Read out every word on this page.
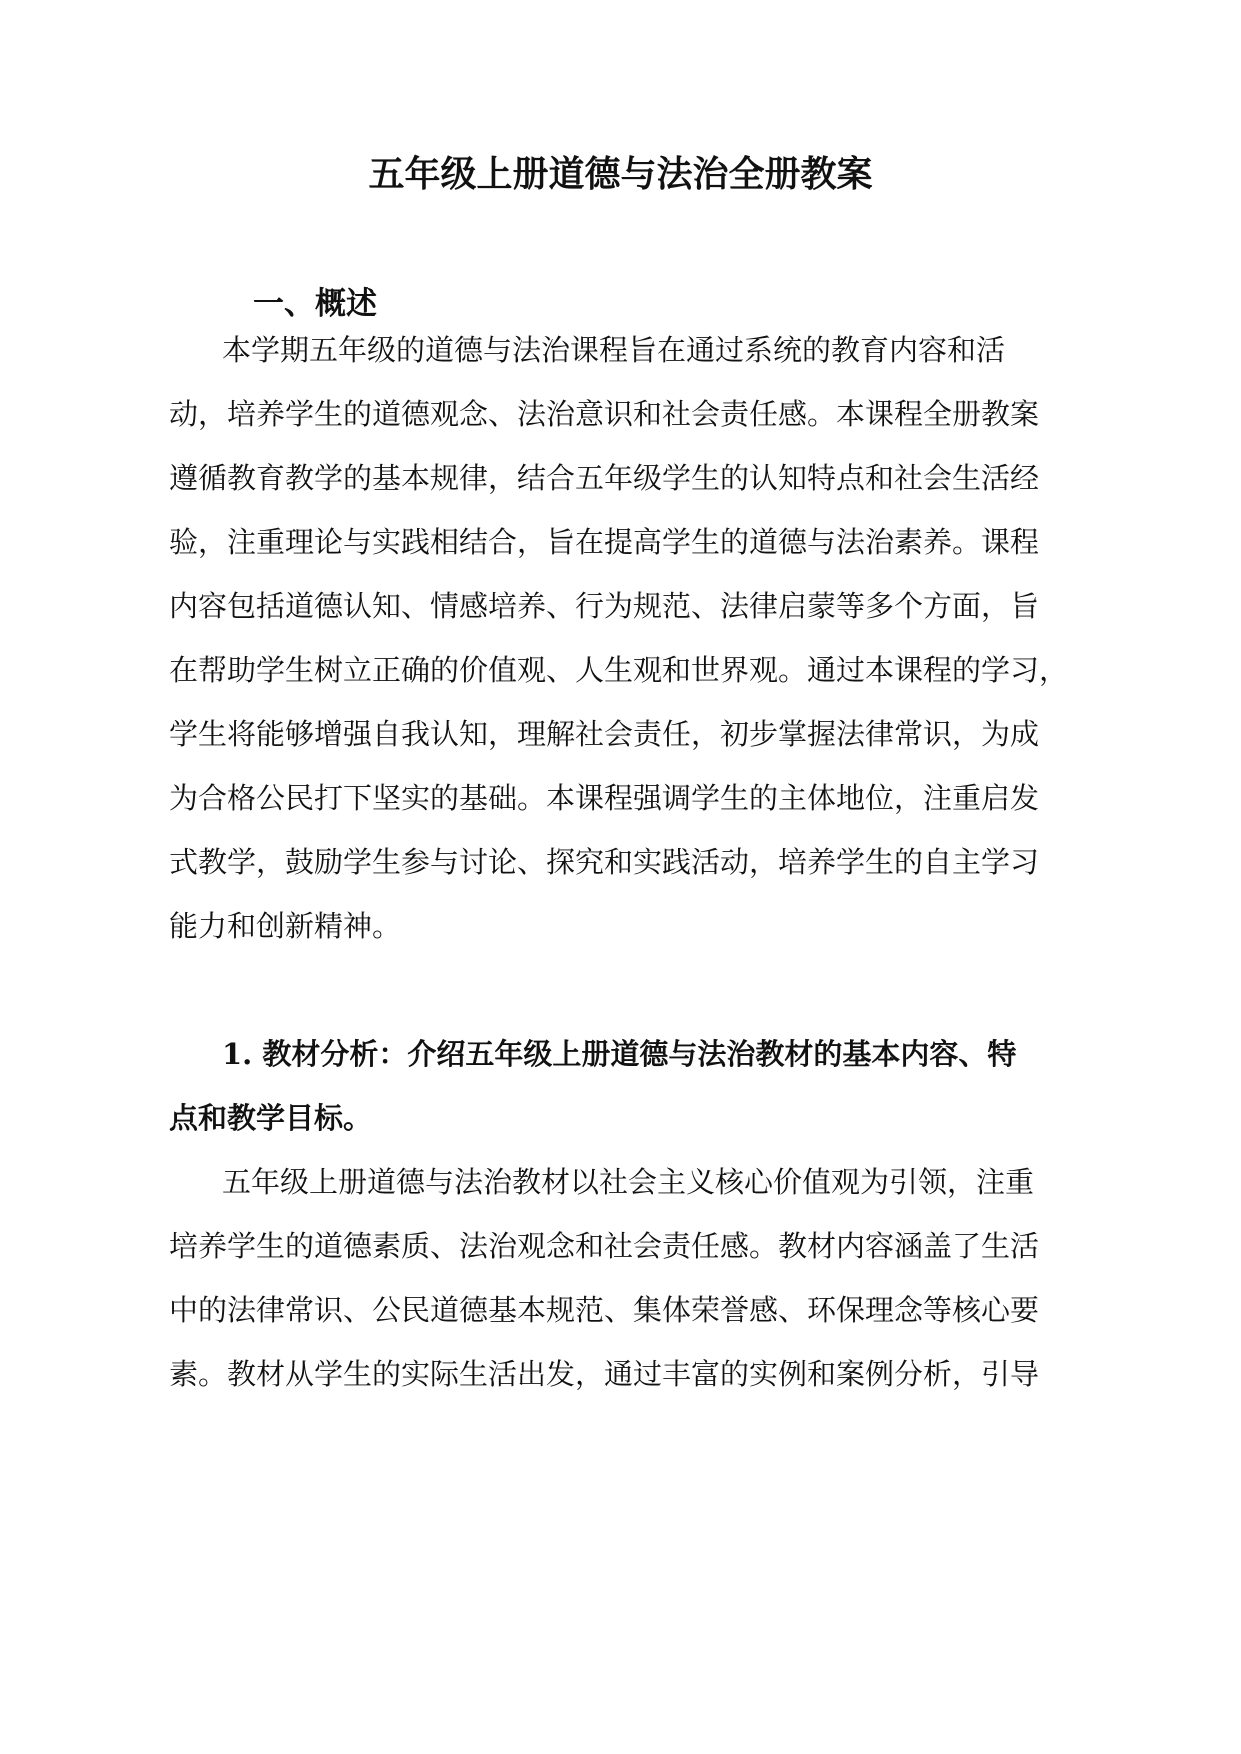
五年级上册道德与法治全册教案
一、概述
本学期五年级的道德与法治课程旨在通过系统的教育内容和活
动，培养学生的道德观念、法治意识和社会责任感。本课程全册教案
遵循教育教学的基本规律，结合五年级学生的认知特点和社会生活经
验，注重理论与实践相结合，旨在提高学生的道德与法治素养。课程
内容包括道德认知、情感培养、行为规范、法律启蒙等多个方面，旨
在帮助学生树立正确的价值观、人生观和世界观。通过本课程的学习，
学生将能够增强自我认知，理解社会责任，初步掌握法律常识，为成
为合格公民打下坚实的基础。本课程强调学生的主体地位，注重启发
式教学，鼓励学生参与讨论、探究和实践活动，培养学生的自主学习
能力和创新精神。
1. 教材分析：介绍五年级上册道德与法治教材的基本内容、特
点和教学目标。
五年级上册道德与法治教材以社会主义核心价值观为引领，注重
培养学生的道德素质、法治观念和社会责任感。教材内容涵盖了生活
中的法律常识、公民道德基本规范、集体荣誉感、环保理念等核心要
素。教材从学生的实际生活出发，通过丰富的实例和案例分析，引导
